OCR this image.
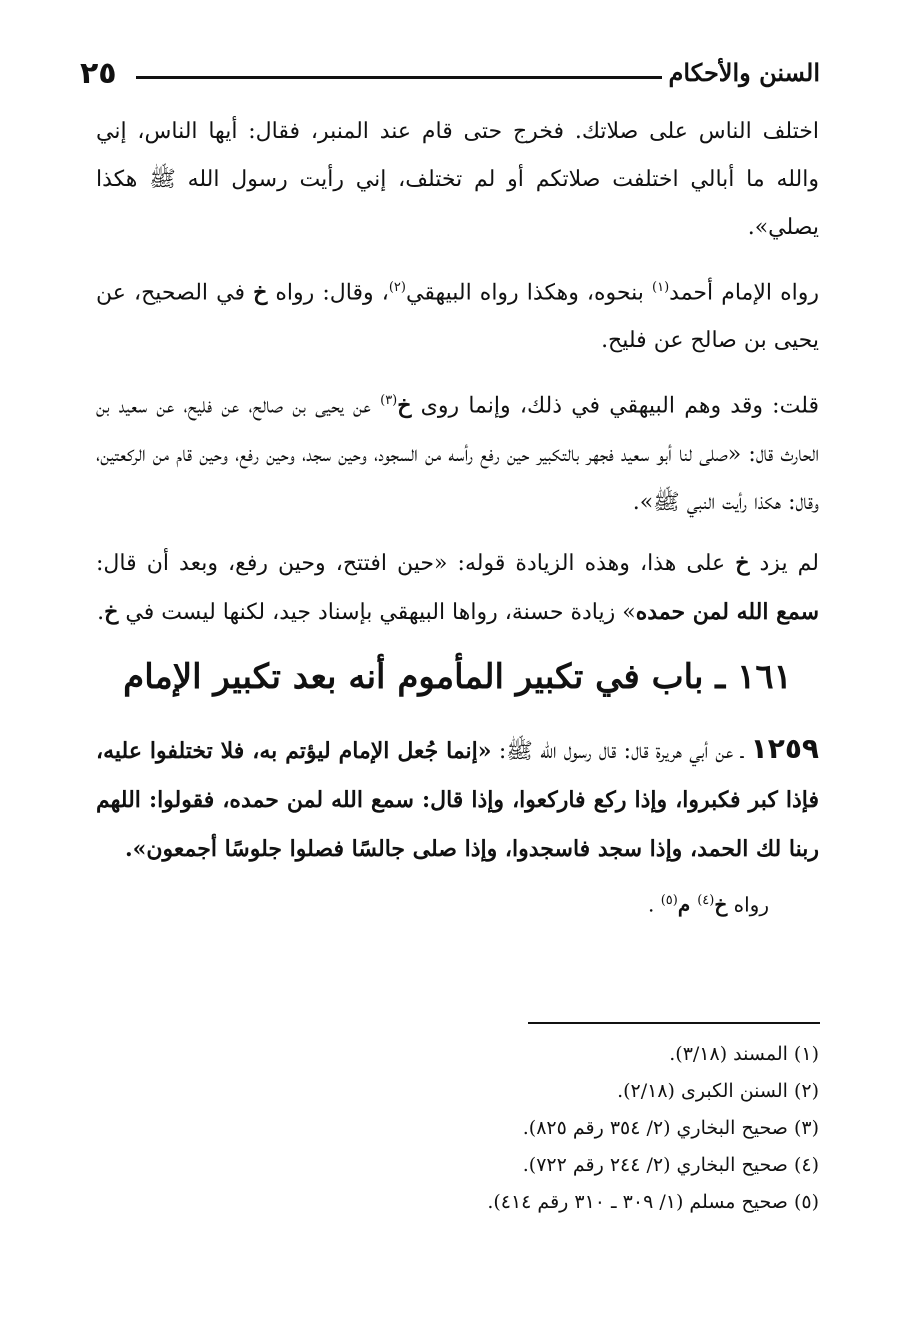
٢٥	السنن والأحكام

اختلف الناس على صلاتك. فخرج حتى قام عند المنبر، فقال: أيها الناس، إني والله ما أبالي اختلفت صلاتكم أو لم تختلف، إني رأيت رسول الله ﷺ هكذا يصلي».

رواه الإمام أحمد$^{(١)}$ بنحوه، وهكذا رواه البيهقي$^{(٢)}$، وقال: رواه خ في الصحيح، عن يحيى بن صالح عن فليح.

قلت: وقد وهم البيهقي في ذلك، وإنما روى خ$^{(٣)}$ عن يحيى بن صالح، عن فليح، عن سعيد بن الحارث قال: «صلى لنا أبو سعيد فجهر بالتكبير حين رفع رأسه من السجود، وحين سجد، وحين رفع، وحين قام من الركعتين، وقال: هكذا رأيت النبي ﷺ».

لم يزد خ على هذا، وهذه الزيادة قوله: «حين افتتح، وحين رفع، وبعد أن قال: سمع الله لمن حمده» زيادة حسنة، رواها البيهقي بإسناد جيد، لكنها ليست في خ.

١٦١ ـ باب في تكبير المأموم أنه بعد تكبير الإمام

١٢٥٩ ـ عن أبي هريرة قال: قال رسول الله ﷺ: «إنما جُعل الإمام ليؤتم به، فلا تختلفوا عليه، فإذا كبر فكبروا، وإذا ركع فاركعوا، وإذا قال: سمع الله لمن حمده، فقولوا: اللهم ربنا لك الحمد، وإذا سجد فاسجدوا، وإذا صلى جالسًا فصلوا جلوسًا أجمعون».

رواه خ$^{(٤)}$ م$^{(٥)}$ .

(١) المسند (٣/١٨).
(٢) السنن الكبرى (٢/١٨).
(٣) صحيح البخاري (٢/ ٣٥٤ رقم ٨٢٥).
(٤) صحيح البخاري (٢/ ٢٤٤ رقم ٧٢٢).
(٥) صحيح مسلم (١/ ٣٠٩ ـ ٣١٠ رقم ٤١٤).
